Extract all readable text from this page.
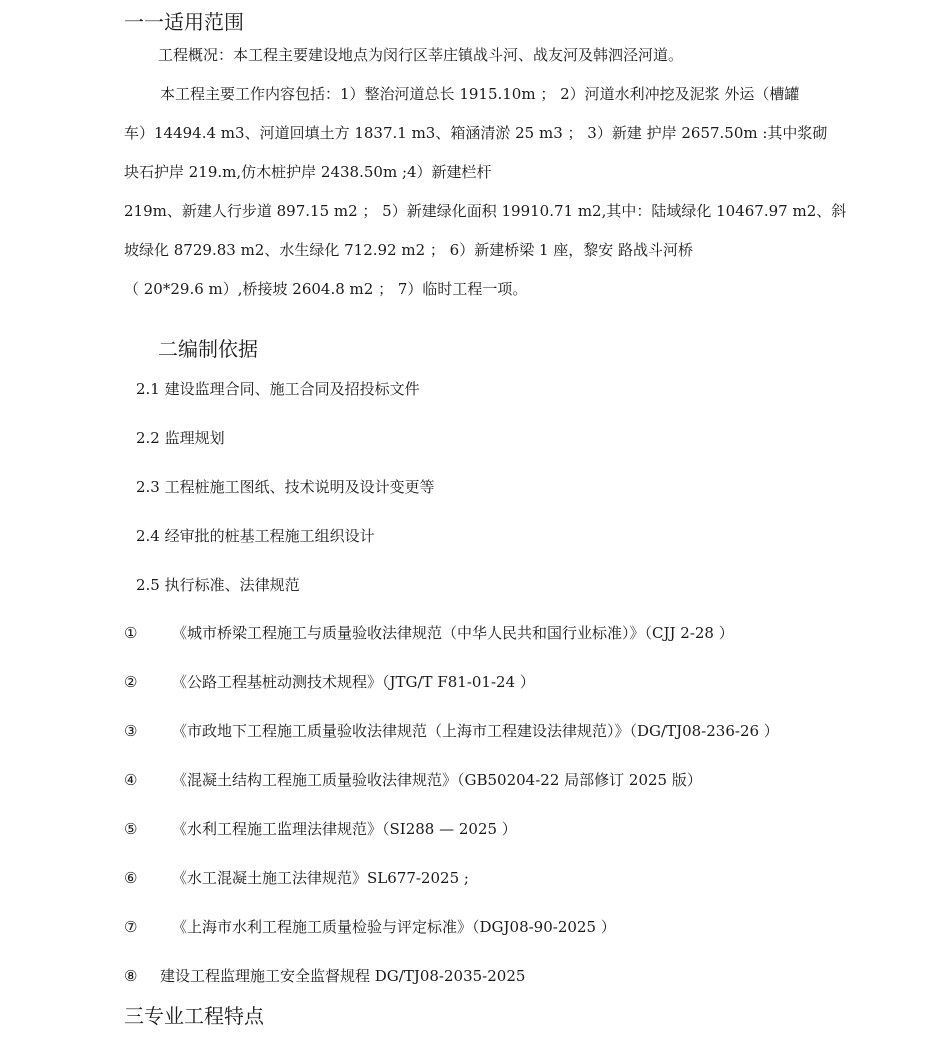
一一适用范围
工程概况：本工程主要建设地点为闵行区莘庄镇战斗河、战友河及韩泗泾河道。
本工程主要工作内容包括：1）整治河道总长 1915.10m ； 2）河道水利冲挖及泥浆 外运（槽罐
车）14494.4 m3、河道回填土方 1837.1 m3、箱涵清淤 25 m3 ； 3）新建 护岸 2657.50m :其中浆砌
块石护岸 219.m,仿木桩护岸 2438.50m ;4）新建栏杆
219m、新建人行步道 897.15 m2 ； 5）新建绿化面积 19910.71 m2,其中：陆域绿化 10467.97 m2、斜
坡绿化 8729.83 m2、水生绿化 712.92 m2 ； 6）新建桥梁 1 座，黎安 路战斗河桥
（ 20*29.6 m）,桥接坡 2604.8 m2 ； 7）临时工程一项。
二编制依据
2.1 建设监理合同、施工合同及招投标文件
2.2 监理规划
2.3 工程桩施工图纸、技术说明及设计变更等
2.4 经审批的桩基工程施工组织设计
2.5 执行标准、法律规范
① 《城市桥梁工程施工与质量验收法律规范（中华人民共和国行业标准）》（CJJ 2-28 ）
② 《公路工程基桩动测技术规程》（JTG/T F81-01-24 ）
③ 《市政地下工程施工质量验收法律规范（上海市工程建设法律规范）》（DG/TJ08-236-26 ）
④ 《混凝土结构工程施工质量验收法律规范》（GB50204-22 局部修订 2025 版）
⑤ 《水利工程施工监理法律规范》（SI288 — 2025 ）
⑥ 《水工混凝土施工法律规范》SL677-2025 ;
⑦ 《上海市水利工程施工质量检验与评定标准》（DGJ08-90-2025 ）
⑧ 建设工程监理施工安全监督规程 DG/TJ08-2035-2025
三专业工程特点
